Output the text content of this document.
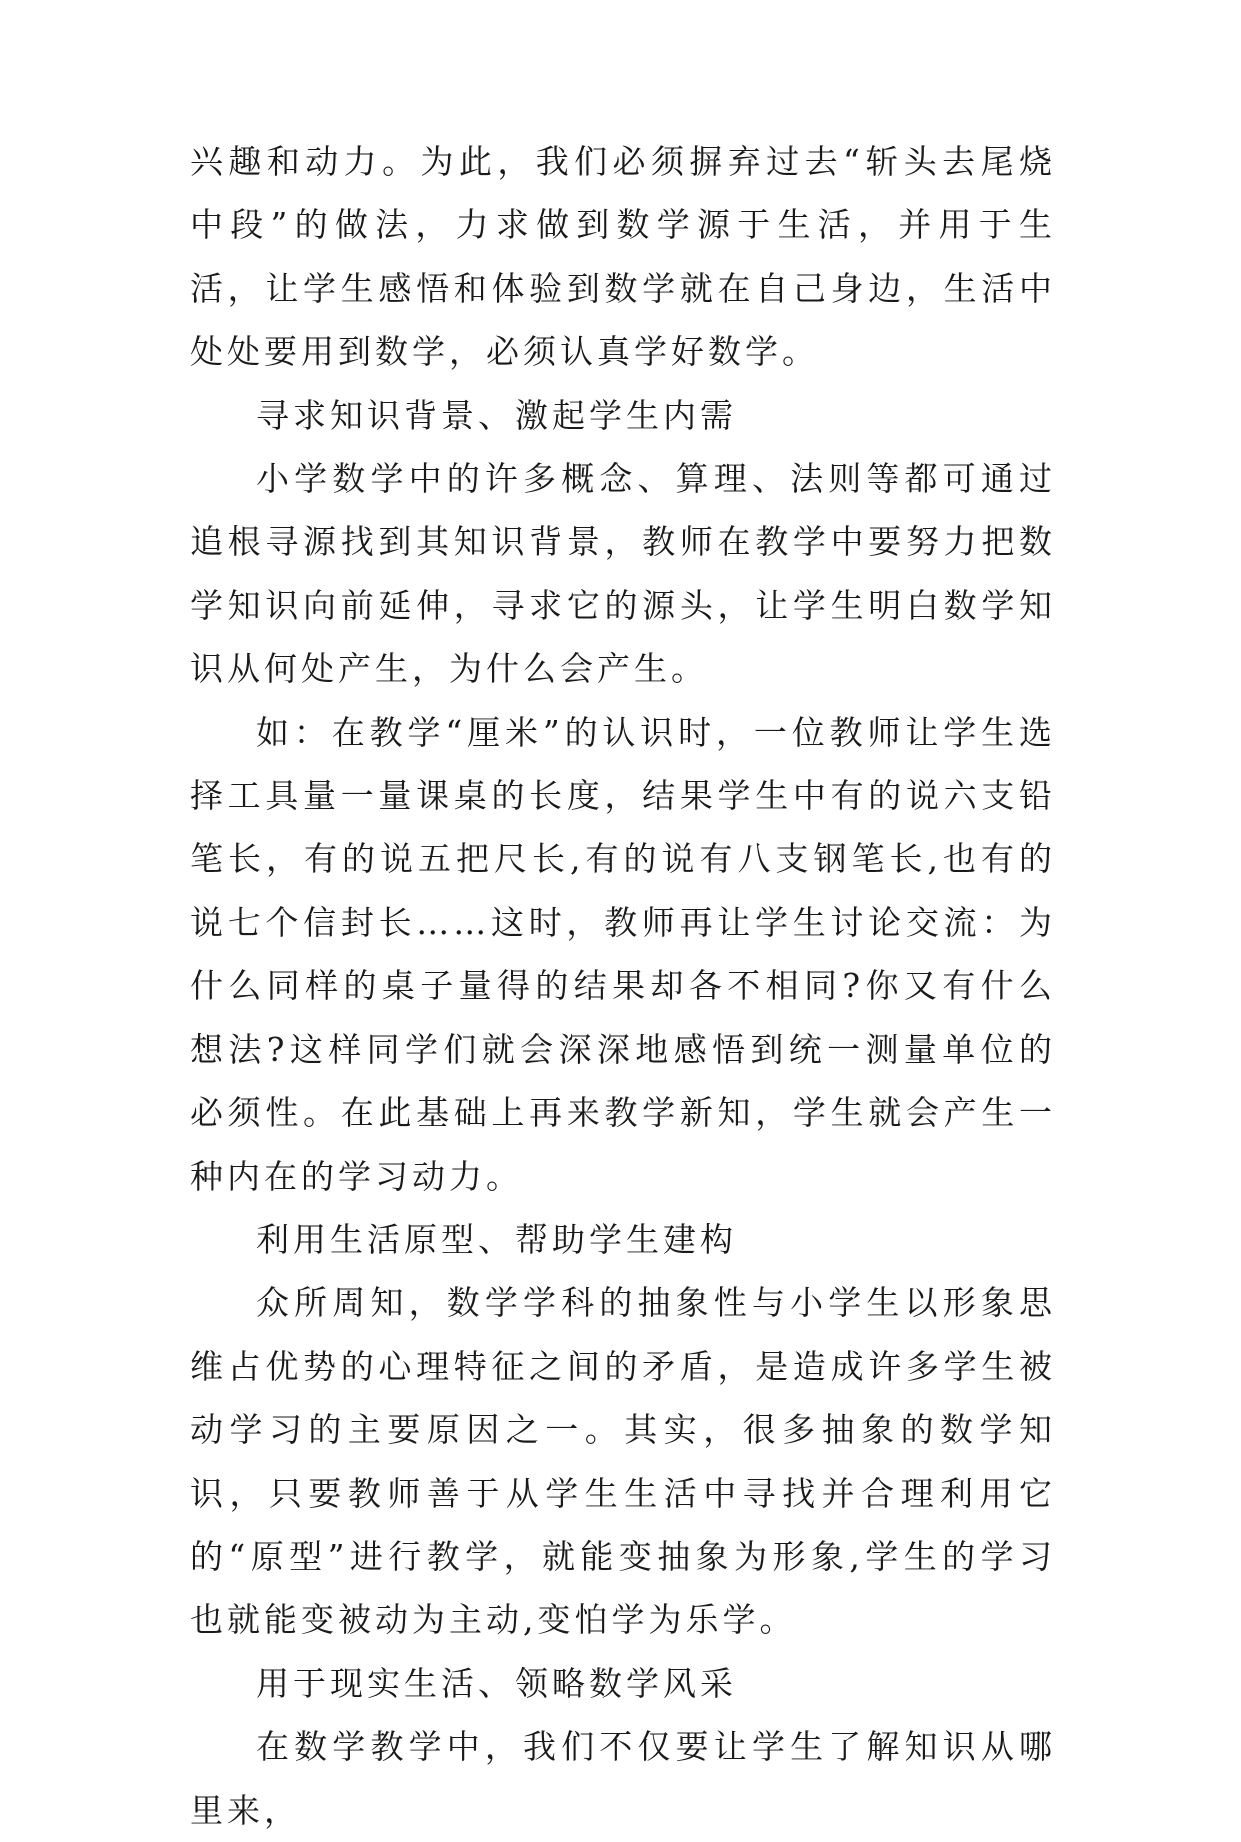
兴趣和动力。为此，我们必须摒弃过去“斩头去尾烧中段”的做法，力求做到数学源于生活，并用于生活，让学生感悟和体验到数学就在自己身边，生活中处处要用到数学，必须认真学好数学。

寻求知识背景、激起学生内需

小学数学中的许多概念、算理、法则等都可通过追根寻源找到其知识背景，教师在教学中要努力把数学知识向前延伸，寻求它的源头，让学生明白数学知识从何处产生，为什么会产生。

如：在教学“厘米”的认识时，一位教师让学生选择工具量一量课桌的长度，结果学生中有的说六支铅笔长，有的说五把尺长,有的说有八支钢笔长,也有的说七个信封长……这时，教师再让学生讨论交流：为什么同样的桌子量得的结果却各不相同?你又有什么想法?这样同学们就会深深地感悟到统一测量单位的必须性。在此基础上再来教学新知，学生就会产生一种内在的学习动力。

利用生活原型、帮助学生建构

众所周知，数学学科的抽象性与小学生以形象思维占优势的心理特征之间的矛盾，是造成许多学生被动学习的主要原因之一。其实，很多抽象的数学知识，只要教师善于从学生生活中寻找并合理利用它的“原型”进行教学，就能变抽象为形象,学生的学习也就能变被动为主动,变怕学为乐学。

用于现实生活、领略数学风采

在数学教学中，我们不仅要让学生了解知识从哪里来，
